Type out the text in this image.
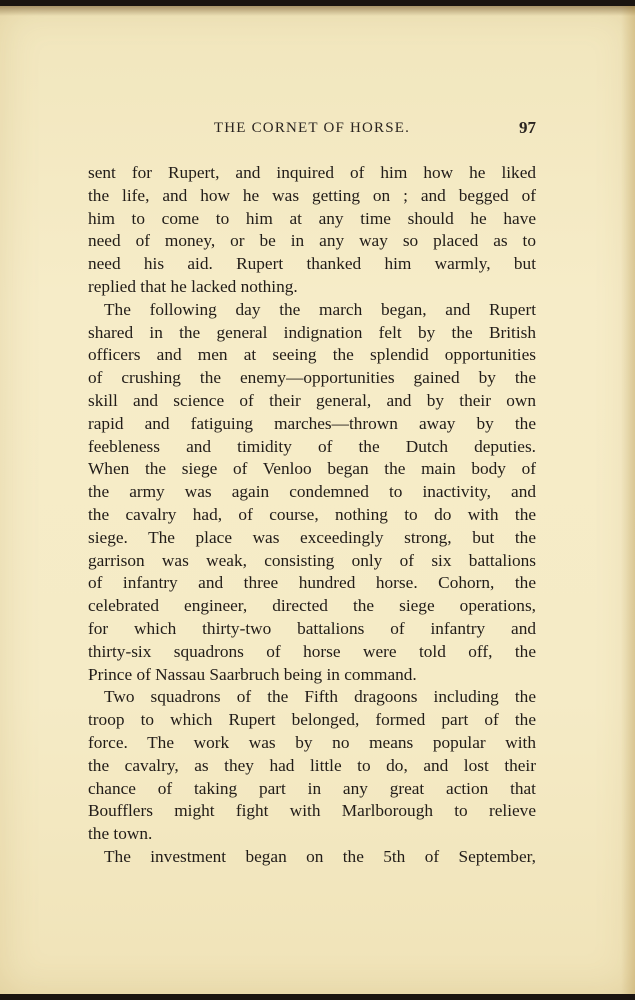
THE CORNET OF HORSE.	97
sent for Rupert, and inquired of him how he liked
the life, and how he was getting on ; and begged of
him to come to him at any time should he have
need of money, or be in any way so placed as to
need his aid. Rupert thanked him warmly, but
replied that he lacked nothing.
The following day the march began, and Rupert
shared in the general indignation felt by the British
officers and men at seeing the splendid opportunities
of crushing the enemy—opportunities gained by the
skill and science of their general, and by their own
rapid and fatiguing marches—thrown away by the
feebleness and timidity of the Dutch deputies.
When the siege of Venloo began the main body of
the army was again condemned to inactivity, and
the cavalry had, of course, nothing to do with the
siege. The place was exceedingly strong, but the
garrison was weak, consisting only of six battalions
of infantry and three hundred horse. Cohorn, the
celebrated engineer, directed the siege operations,
for which thirty-two battalions of infantry and
thirty-six squadrons of horse were told off, the
Prince of Nassau Saarbruch being in command.
Two squadrons of the Fifth dragoons including the
troop to which Rupert belonged, formed part of the
force. The work was by no means popular with
the cavalry, as they had little to do, and lost their
chance of taking part in any great action that
Boufflers might fight with Marlborough to relieve
the town.
The investment began on the 5th of September,
